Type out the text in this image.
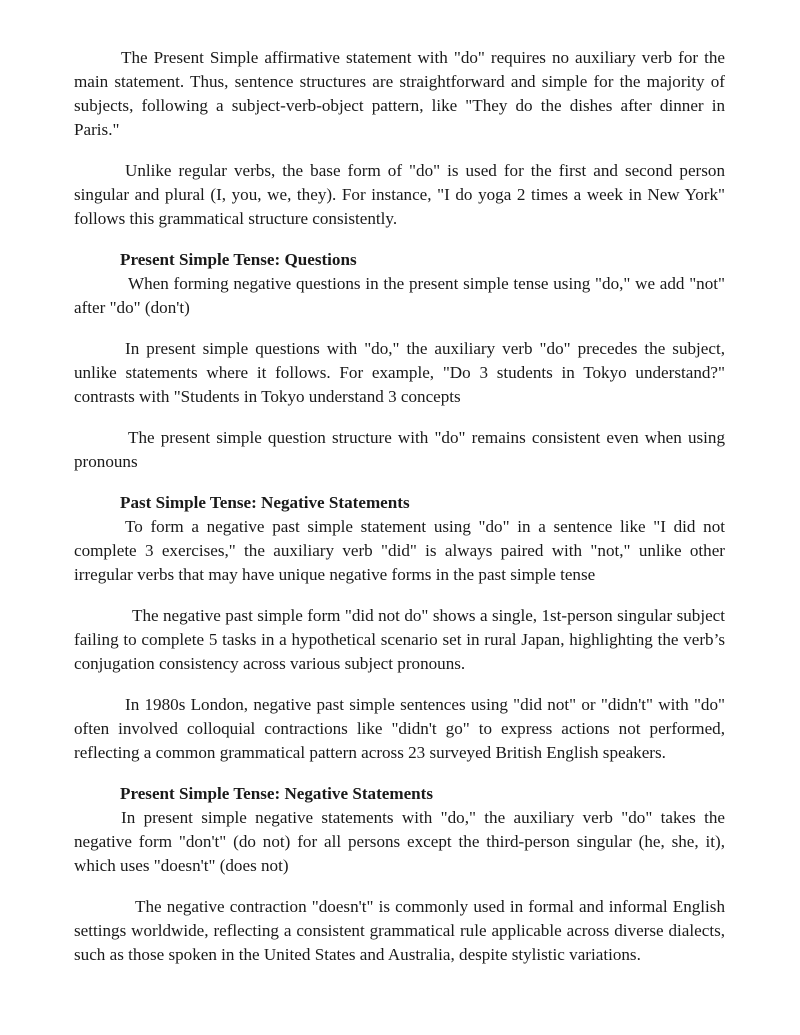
The Present Simple affirmative statement with "do" requires no auxiliary verb for the main statement. Thus, sentence structures are straightforward and simple for the majority of subjects, following a subject-verb-object pattern, like "They do the dishes after dinner in Paris."

Unlike regular verbs, the base form of "do" is used for the first and second person singular and plural (I, you, we, they). For instance, "I do yoga 2 times a week in New York" follows this grammatical structure consistently.

Present Simple Tense: Questions

When forming negative questions in the present simple tense using "do," we add "not" after "do" (don't)

In present simple questions with "do," the auxiliary verb "do" precedes the subject, unlike statements where it follows. For example, "Do 3 students in Tokyo understand?" contrasts with "Students in Tokyo understand 3 concepts

The present simple question structure with "do" remains consistent even when using pronouns

Past Simple Tense: Negative Statements

To form a negative past simple statement using "do" in a sentence like "I did not complete 3 exercises," the auxiliary verb "did" is always paired with "not," unlike other irregular verbs that may have unique negative forms in the past simple tense

The negative past simple form "did not do" shows a single, 1st-person singular subject failing to complete 5 tasks in a hypothetical scenario set in rural Japan, highlighting the verb’s conjugation consistency across various subject pronouns.

In 1980s London, negative past simple sentences using "did not" or "didn't" with "do" often involved colloquial contractions like "didn't go" to express actions not performed, reflecting a common grammatical pattern across 23 surveyed British English speakers.

Present Simple Tense: Negative Statements

In present simple negative statements with "do," the auxiliary verb "do" takes the negative form "don't" (do not) for all persons except the third-person singular (he, she, it), which uses "doesn't" (does not)

The negative contraction "doesn't" is commonly used in formal and informal English settings worldwide, reflecting a consistent grammatical rule applicable across diverse dialects, such as those spoken in the United States and Australia, despite stylistic variations.
